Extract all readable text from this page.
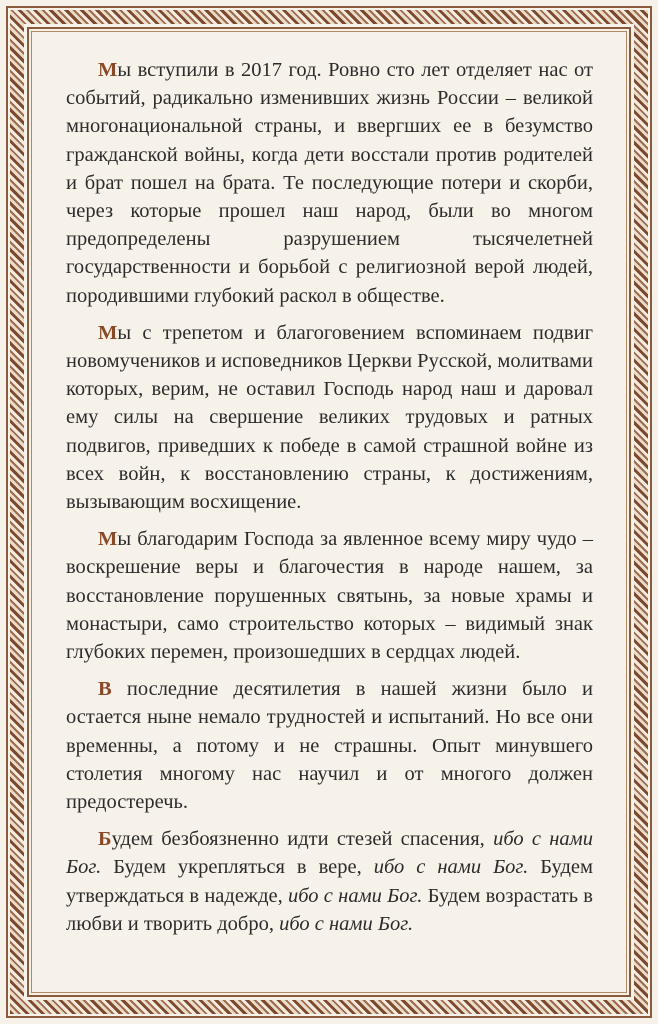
Мы вступили в 2017 год. Ровно сто лет отделяет нас от событий, радикально изменивших жизнь России – великой многонациональной страны, и ввергших ее в безумство гражданской войны, когда дети восстали против родителей и брат пошел на брата. Те последующие потери и скорби, через которые прошел наш народ, были во многом предопределены разрушением тысячелетней государственности и борьбой с религиозной верой людей, породившими глубокий раскол в обществе.

Мы с трепетом и благоговением вспоминаем подвиг новомучеников и исповедников Церкви Русской, молитвами которых, верим, не оставил Господь народ наш и даровал ему силы на свершение великих трудовых и ратных подвигов, приведших к победе в самой страшной войне из всех войн, к восстановлению страны, к достижениям, вызывающим восхищение.

Мы благодарим Господа за явленное всему миру чудо – воскрешение веры и благочестия в народе нашем, за восстановление порушенных святынь, за новые храмы и монастыри, само строительство которых – видимый знак глубоких перемен, произошедших в сердцах людей.

В последние десятилетия в нашей жизни было и остается ныне немало трудностей и испытаний. Но все они временны, а потому и не страшны. Опыт минувшего столетия многому нас научил и от многого должен предостеречь.

Будем безбоязненно идти стезей спасения, ибо с нами Бог. Будем укрепляться в вере, ибо с нами Бог. Будем утверждаться в надежде, ибо с нами Бог. Будем возрастать в любви и творить добро, ибо с нами Бог.
